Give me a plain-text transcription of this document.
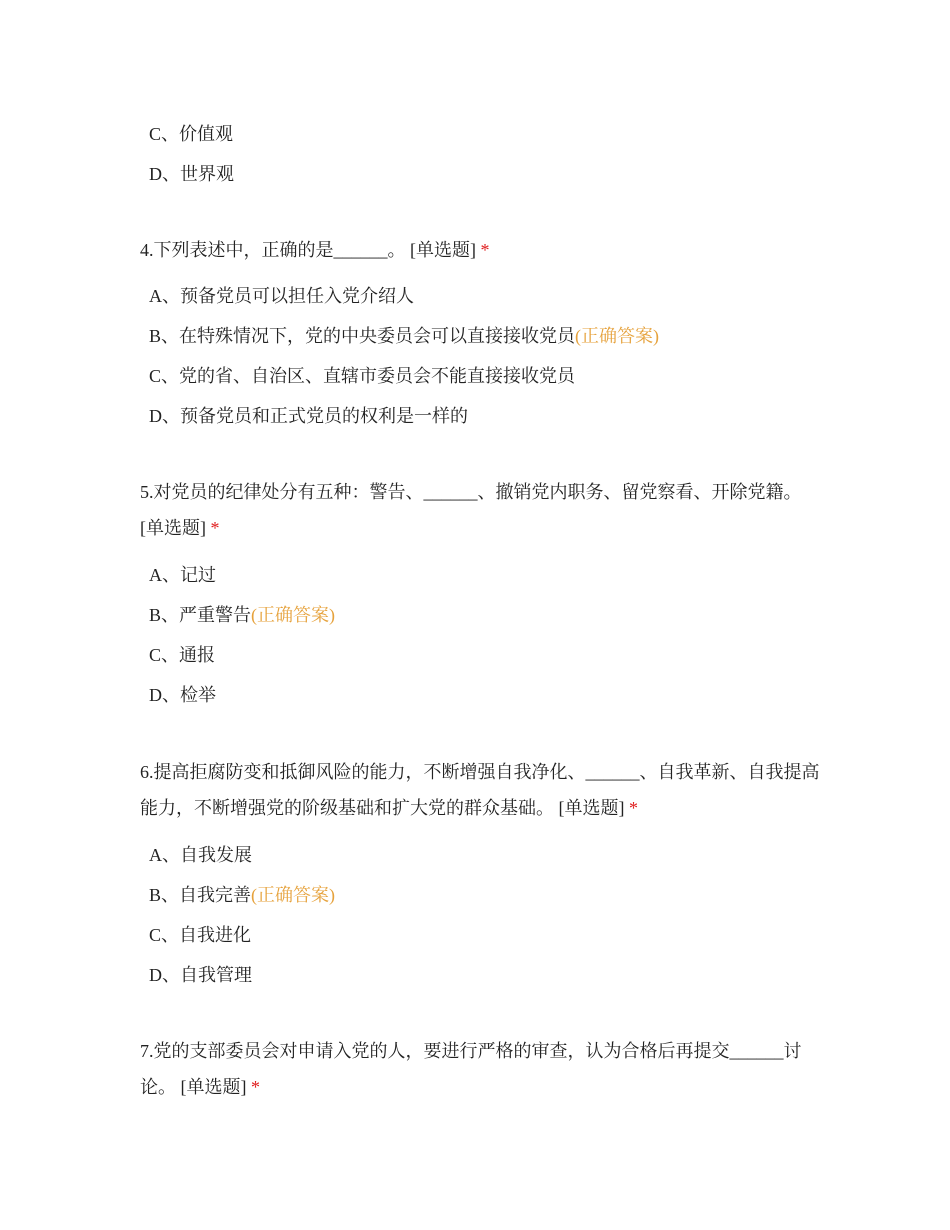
C、价值观
D、世界观
4.下列表述中，正确的是______。 [单选题] *
A、预备党员可以担任入党介绍人
B、在特殊情况下，党的中央委员会可以直接接收党员(正确答案)
C、党的省、自治区、直辖市委员会不能直接接收党员
D、预备党员和正式党员的权利是一样的
5.对党员的纪律处分有五种：警告、______、撤销党内职务、留党察看、开除党籍。 [单选题] *
A、记过
B、严重警告(正确答案)
C、通报
D、检举
6.提高拒腐防变和抵御风险的能力，不断增强自我净化、______、自我革新、自我提高能力，不断增强党的阶级基础和扩大党的群众基础。 [单选题] *
A、自我发展
B、自我完善(正确答案)
C、自我进化
D、自我管理
7.党的支部委员会对申请入党的人，要进行严格的审查，认为合格后再提交______讨论。 [单选题] *
